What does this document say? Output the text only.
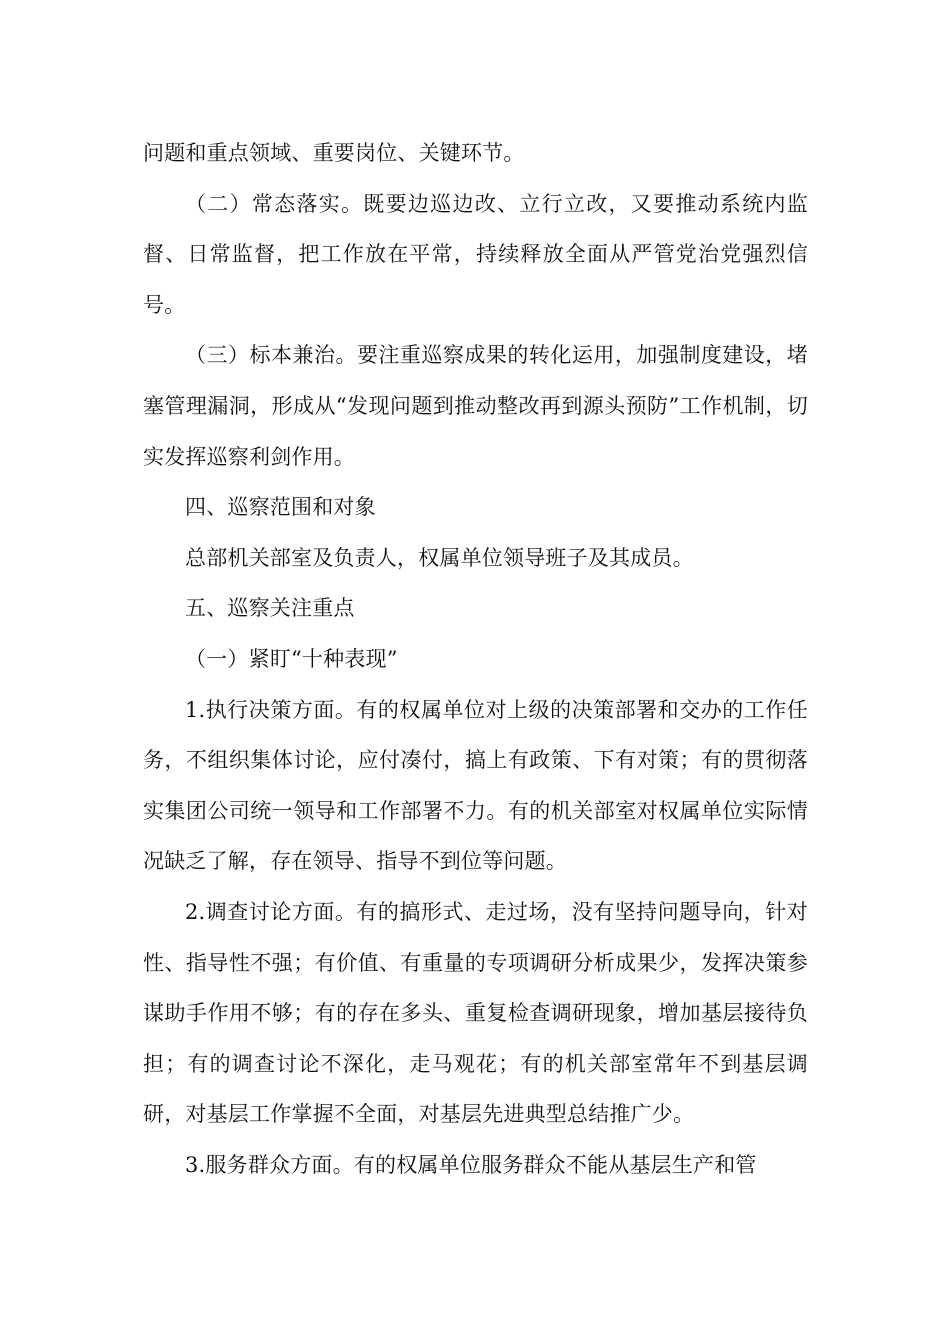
问题和重点领域、重要岗位、关键环节。

（二）常态落实。既要边巡边改、立行立改，又要推动系统内监督、日常监督，把工作放在平常，持续释放全面从严管党治党强烈信号。

（三）标本兼治。要注重巡察成果的转化运用，加强制度建设，堵塞管理漏洞，形成从“发现问题到推动整改再到源头预防”工作机制，切实发挥巡察利剑作用。

四、巡察范围和对象

总部机关部室及负责人，权属单位领导班子及其成员。

五、巡察关注重点

（一）紧盯“十种表现”

1.执行决策方面。有的权属单位对上级的决策部署和交办的工作任务，不组织集体讨论，应付凑付，搞上有政策、下有对策；有的贯彻落实集团公司统一领导和工作部署不力。有的机关部室对权属单位实际情况缺乏了解，存在领导、指导不到位等问题。

2.调查讨论方面。有的搞形式、走过场，没有坚持问题导向，针对性、指导性不强；有价值、有重量的专项调研分析成果少，发挥决策参谋助手作用不够；有的存在多头、重复检查调研现象，增加基层接待负担；有的调查讨论不深化，走马观花；有的机关部室常年不到基层调研，对基层工作掌握不全面，对基层先进典型总结推广少。

3.服务群众方面。有的权属单位服务群众不能从基层生产和管
